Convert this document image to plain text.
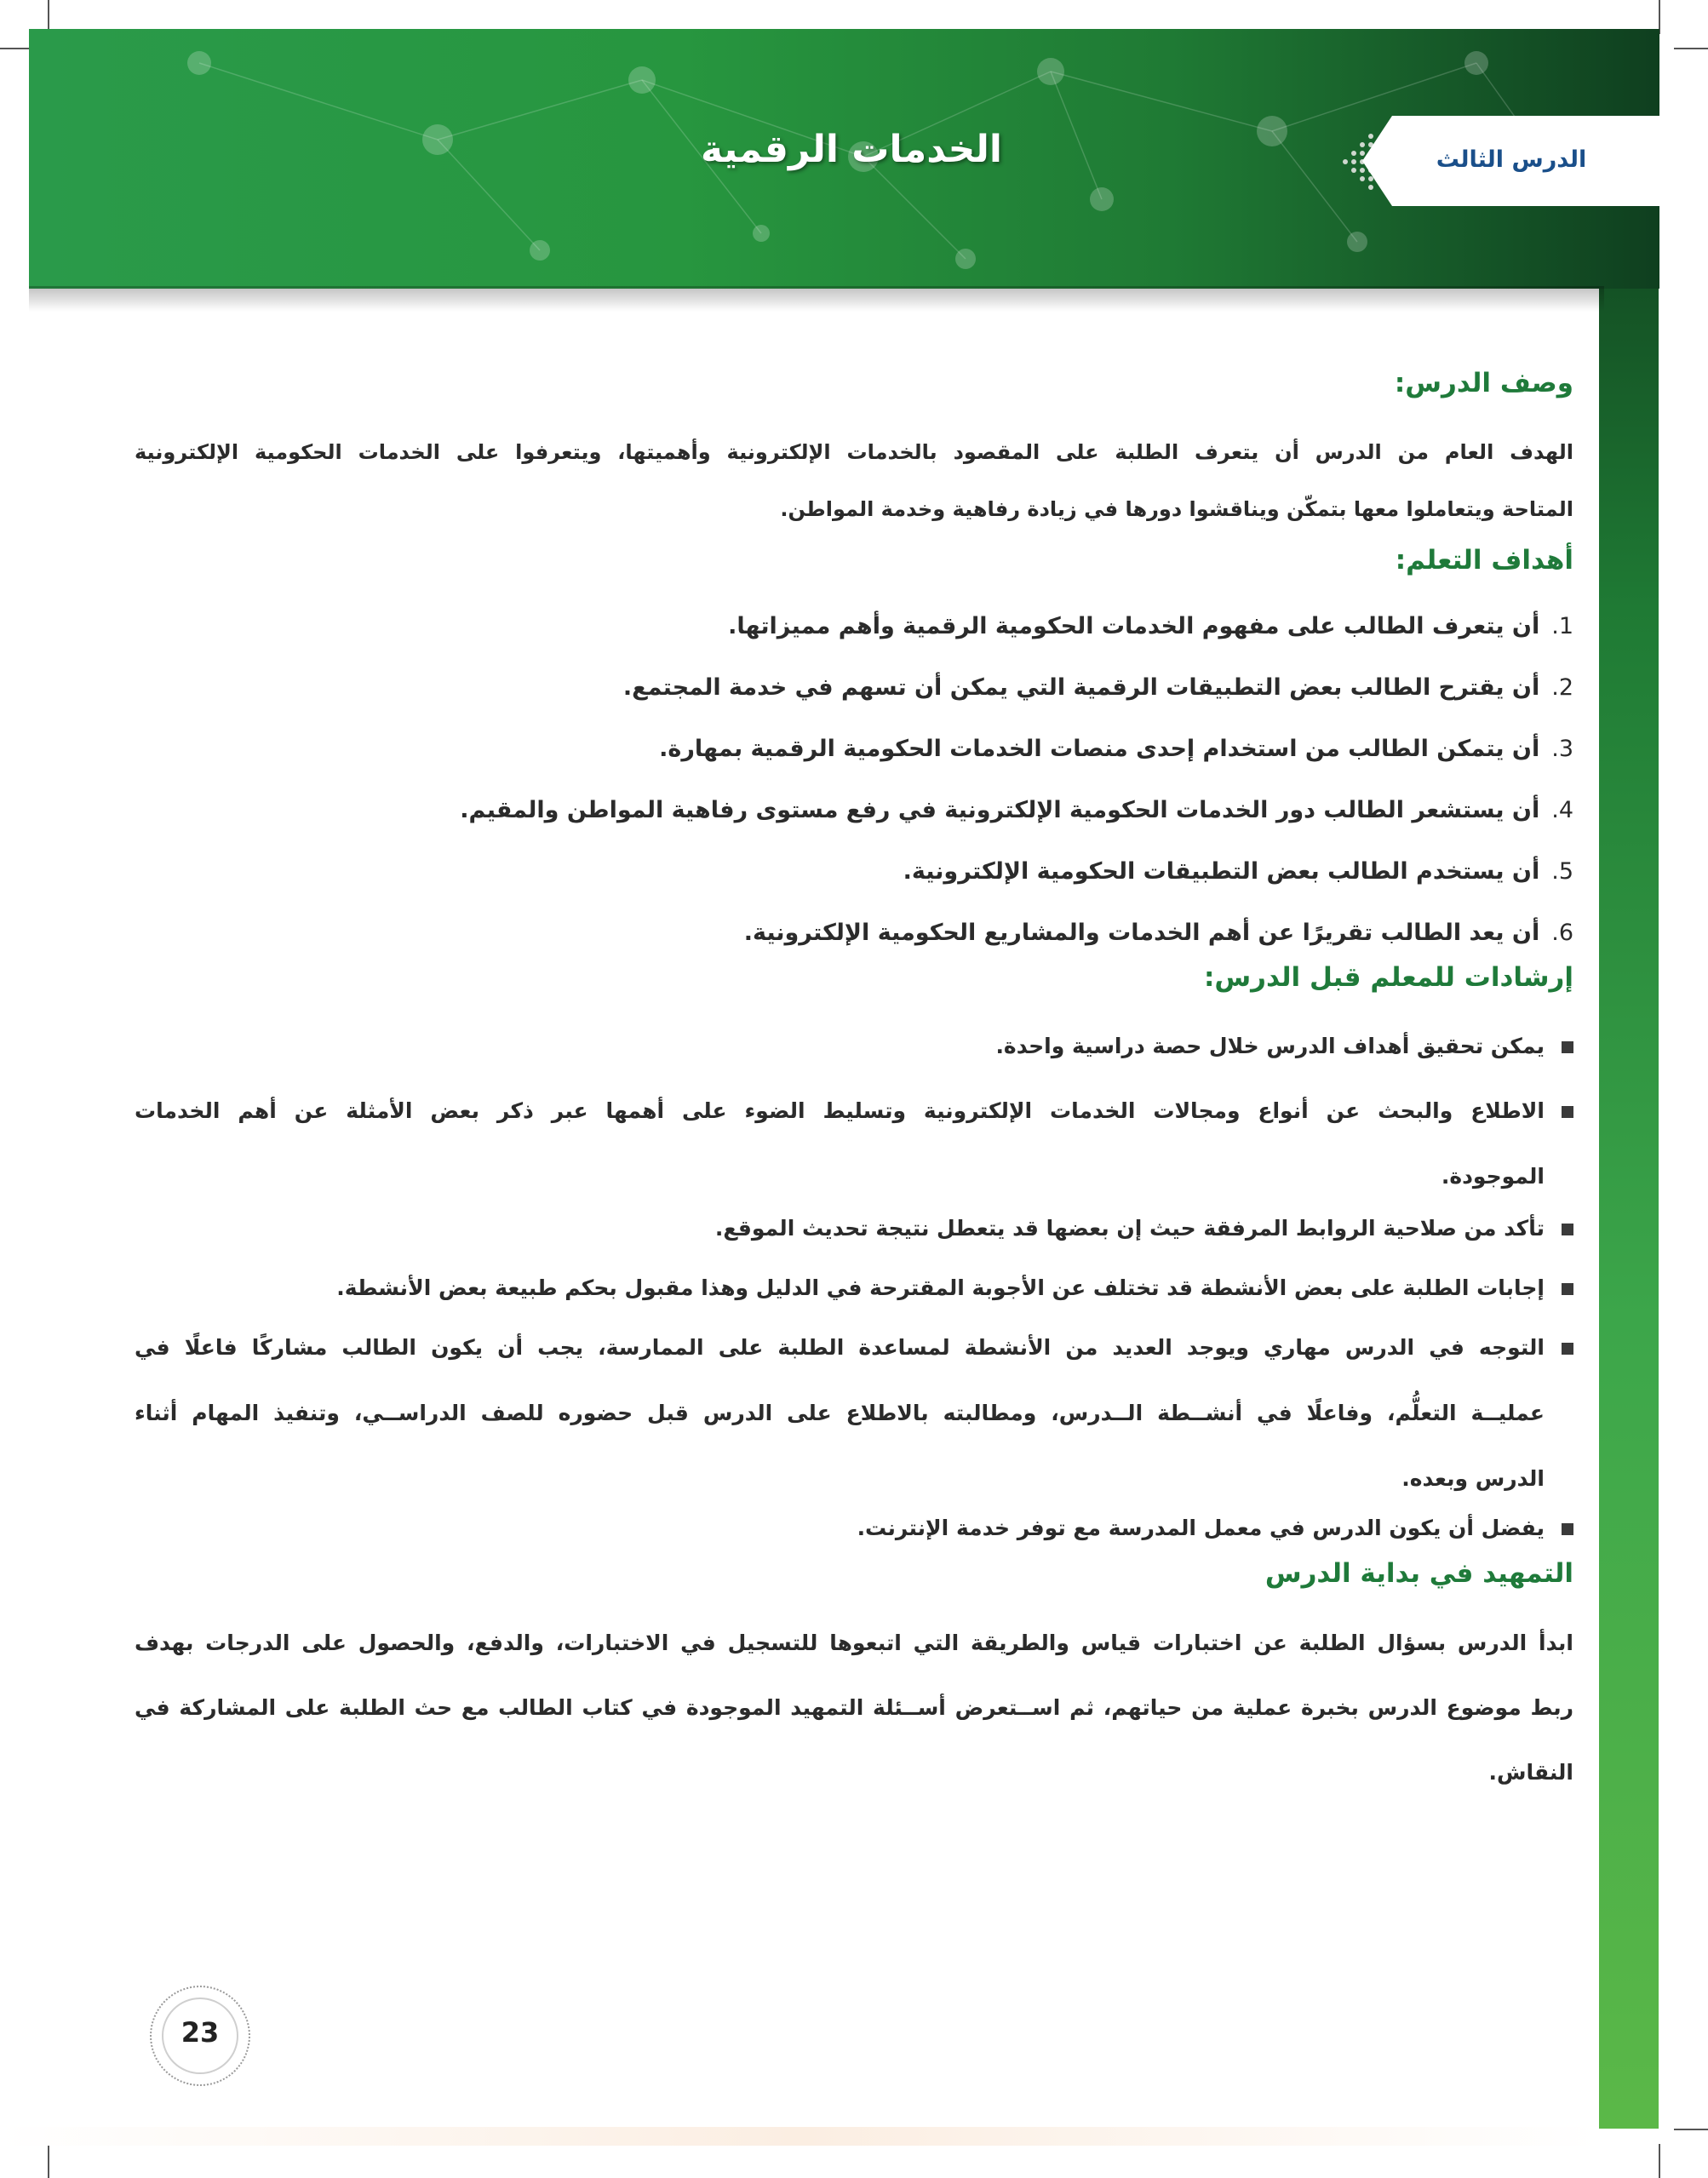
الخدمات الرقمية	الدرس الثالث
وصف الدرس:
الهدف العام من الدرس أن يتعرف الطلبة على المقصود بالخدمات الإلكترونية وأهميتها، ويتعرفوا على الخدمات الحكومية الإلكترونية
المتاحة ويتعاملوا معها بتمكّن ويناقشوا دورها في زيادة رفاهية وخدمة المواطن.
أهداف التعلم:
1.أن يتعرف الطالب على مفهوم الخدمات الحكومية الرقمية وأهم مميزاتها.
2.أن يقترح الطالب بعض التطبيقات الرقمية التي يمكن أن تسهم في خدمة المجتمع.
3.أن يتمكن الطالب من استخدام إحدى منصات الخدمات الحكومية الرقمية بمهارة.
4.أن يستشعر الطالب دور الخدمات الحكومية الإلكترونية في رفع مستوى رفاهية المواطن والمقيم.
5.أن يستخدم الطالب بعض التطبيقات الحكومية الإلكترونية.
6.أن يعد الطالب تقريرًا عن أهم الخدمات والمشاريع الحكومية الإلكترونية.
إرشادات للمعلم قبل الدرس:
يمكن تحقيق أهداف الدرس خلال حصة دراسية واحدة.
الاطلاع والبحث عن أنواع ومجالات الخدمات الإلكترونية وتسليط الضوء على أهمها عبر ذكر بعض الأمثلة عن أهم الخدمات
الموجودة.
تأكد من صلاحية الروابط المرفقة حيث إن بعضها قد يتعطل نتيجة تحديث الموقع.
إجابات الطلبة على بعض الأنشطة قد تختلف عن الأجوبة المقترحة في الدليل وهذا مقبول بحكم طبيعة بعض الأنشطة.
التوجه في الدرس مهاري ويوجد العديد من الأنشطة لمساعدة الطلبة على الممارسة، يجب أن يكون الطالب مشاركًا فاعلًا في
عمليــة التعلُّم، وفاعلًا في أنشــطة الــدرس، ومطالبته بالاطلاع على الدرس قبل حضوره للصف الدراســي، وتنفيذ المهام أثناء
الدرس وبعده.
يفضل أن يكون الدرس في معمل المدرسة مع توفر خدمة الإنترنت.
التمهيد في بداية الدرس
ابدأ الدرس بسؤال الطلبة عن اختبارات قياس والطريقة التي اتبعوها للتسجيل في الاختبارات، والدفع، والحصول على الدرجات بهدف
ربط موضوع الدرس بخبرة عملية من حياتهم، ثم اســتعرض أســئلة التمهيد الموجودة في كتاب الطالب مع حث الطلبة على المشاركة في
النقاش.
23
